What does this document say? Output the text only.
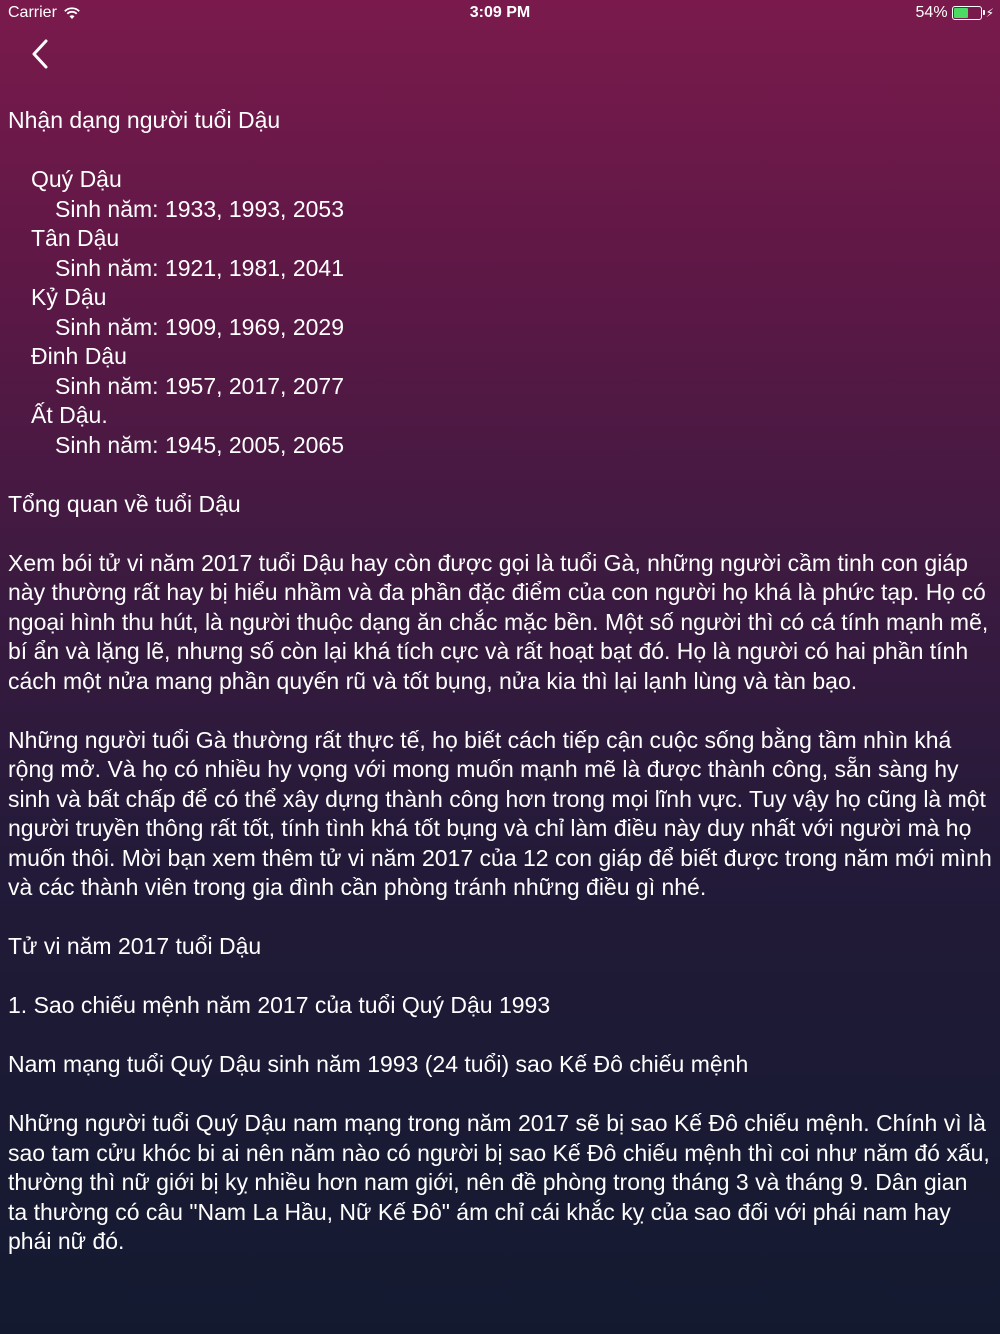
Carrier	3:09 PM	54%	⚡
Nhận dạng người tuổi Dậu
Quý Dậu
Sinh năm: 1933, 1993, 2053
Tân Dậu
Sinh năm: 1921, 1981, 2041
Kỷ Dậu
Sinh năm: 1909, 1969, 2029
Đinh Dậu
Sinh năm: 1957, 2017, 2077
Ất Dậu.
Sinh năm: 1945, 2005, 2065
Tổng quan về tuổi Dậu

Xem bói tử vi năm 2017 tuổi Dậu hay còn được gọi là tuổi Gà, những người cầm tinh con giáp này thường rất hay bị hiểu nhầm và đa phần đặc điểm của con người họ khá là phức tạp. Họ có ngoại hình thu hút, là người thuộc dạng ăn chắc mặc bền. Một số người thì có cá tính mạnh mẽ, bí ẩn và lặng lẽ, nhưng số còn lại khá tích cực và rất hoạt bạt đó. Họ là người có hai phần tính cách một nửa mang phần quyến rũ và tốt bụng, nửa kia thì lại lạnh lùng và tàn bạo.

Những người tuổi Gà thường rất thực tế, họ biết cách tiếp cận cuộc sống bằng tầm nhìn khá rộng mở. Và họ có nhiều hy vọng với mong muốn mạnh mẽ là được thành công, sẵn sàng hy sinh và bất chấp để có thể xây dựng thành công hơn trong mọi lĩnh vực. Tuy vậy họ cũng là một người truyền thông rất tốt, tính tình khá tốt bụng và chỉ làm điều này duy nhất với người mà họ muốn thôi. Mời bạn xem thêm tử vi năm 2017 của 12 con giáp để biết được trong năm mới mình và các thành viên trong gia đình cần phòng tránh những điều gì nhé.

Tử vi năm 2017 tuổi Dậu
1. Sao chiếu mệnh năm 2017 của tuổi Quý Dậu 1993

Nam mạng tuổi Quý Dậu sinh năm 1993 (24 tuổi) sao Kế Đô chiếu mệnh

Những người tuổi Quý Dậu nam mạng trong năm 2017 sẽ bị sao Kế Đô chiếu mệnh. Chính vì là sao tam cửu khóc bi ai nên năm nào có người bị sao Kế Đô chiếu mệnh thì coi như năm đó xấu, thường thì nữ giới bị kỵ nhiều hơn nam giới, nên đề phòng trong tháng 3 và tháng 9. Dân gian ta thường có câu "Nam La Hầu, Nữ Kế Đô" ám chỉ cái khắc kỵ của sao đối với phái nam hay phái nữ đó.
